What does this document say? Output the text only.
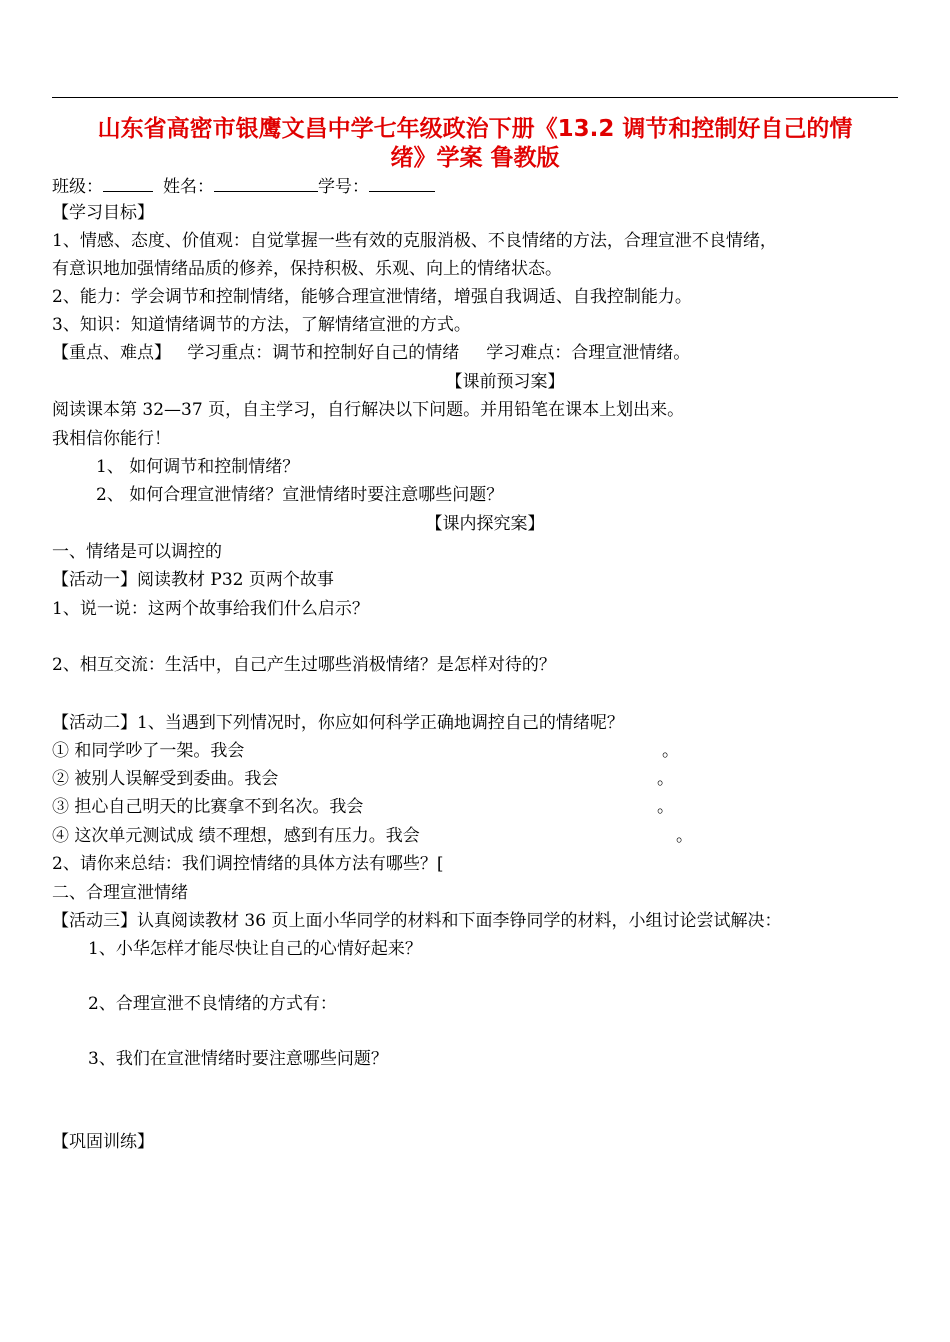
山东省高密市银鹰文昌中学七年级政治下册《13.2 调节和控制好自己的情
绪》学案 鲁教版
班级：	姓名：	学号：
【学习目标】
1、情感、态度、价值观：自觉掌握一些有效的克服消极、不良情绪的方法，合理宣泄不良情绪，
有意识地加强情绪品质的修养，保持积极、乐观、向上的情绪状态。
2、能力：学会调节和控制情绪，能够合理宣泄情绪，增强自我调适、自我控制能力。
3、知识：知道情绪调节的方法，了解情绪宣泄的方式。
【重点、难点】   学习重点：调节和控制好自己的情绪     学习难点：合理宣泄情绪。
【课前预习案】
阅读课本第 32—37 页，自主学习，自行解决以下问题。并用铅笔在课本上划出来。
我相信你能行！
1、 如何调节和控制情绪？
2、 如何合理宣泄情绪？宣泄情绪时要注意哪些问题？
【课内探究案】
一、情绪是可以调控的
【活动一】阅读教材 P32 页两个故事
1、说一说：这两个故事给我们什么启示？
2、相互交流：生活中，自己产生过哪些消极情绪？是怎样对待的？
【活动二】1、当遇到下列情况时，你应如何科学正确地调控自己的情绪呢？
① 和同学吵了一架。我会	。
② 被别人误解受到委曲。我会	。
③ 担心自己明天的比赛拿不到名次。我会	。
④ 这次单元测试成 绩不理想，感到有压力。我会	。
2、请你来总结：我们调控情绪的具体方法有哪些？[
二、合理宣泄情绪
【活动三】认真阅读教材 36 页上面小华同学的材料和下面李铮同学的材料，小组讨论尝试解决：
1、小华怎样才能尽快让自己的心情好起来？
2、合理宣泄不良情绪的方式有：
3、我们在宣泄情绪时要注意哪些问题？
【巩固训练】
